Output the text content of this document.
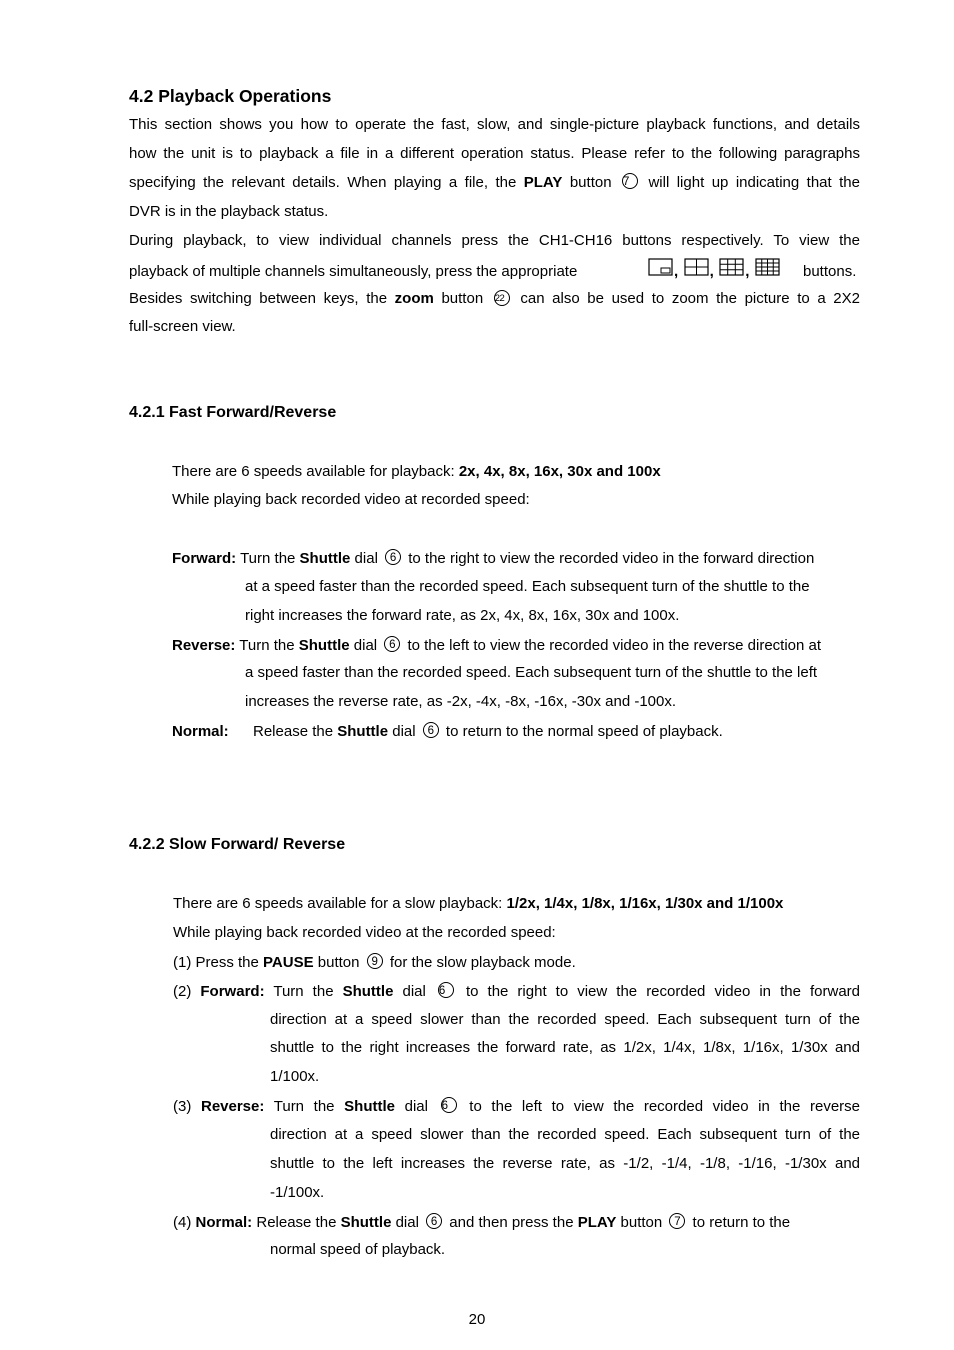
4.2 Playback Operations
This section shows you how to operate the fast, slow, and single-picture playback functions, and details
how the unit is to playback a file in a different operation status. Please refer to the following paragraphs
specifying the relevant details. When playing a file, the PLAY button 7 will light up indicating that the
DVR is in the playback status.
During playback, to view individual channels press the CH1-CH16 buttons respectively. To view the
playback of multiple channels simultaneously, press the appropriate	, , ,	buttons.
Besides switching between keys, the zoom button 22 can also be used to zoom the picture to a 2X2
full-screen view.
4.2.1 Fast Forward/Reverse
There are 6 speeds available for playback: 2x, 4x, 8x, 16x, 30x and 100x
While playing back recorded video at recorded speed:
Forward: Turn the Shuttle dial 6 to the right to view the recorded video in the forward direction
at a speed faster than the recorded speed. Each subsequent turn of the shuttle to the
right increases the forward rate, as 2x, 4x, 8x, 16x, 30x and 100x.
Reverse: Turn the Shuttle dial 6 to the left to view the recorded video in the reverse direction at
a speed faster than the recorded speed. Each subsequent turn of the shuttle to the left
increases the reverse rate, as -2x, -4x, -8x, -16x, -30x and -100x.
Normal: Release the Shuttle dial 6 to return to the normal speed of playback.
4.2.2 Slow Forward/ Reverse
There are 6 speeds available for a slow playback: 1/2x, 1/4x, 1/8x, 1/16x, 1/30x and 1/100x
While playing back recorded video at the recorded speed:
(1) Press the PAUSE button 9 for the slow playback mode.
(2) Forward: Turn the Shuttle dial 6 to the right to view the recorded video in the forward
direction at a speed slower than the recorded speed. Each subsequent turn of the
shuttle to the right increases the forward rate, as 1/2x, 1/4x, 1/8x, 1/16x, 1/30x and
1/100x.
(3) Reverse: Turn the Shuttle dial 6 to the left to view the recorded video in the reverse
direction at a speed slower than the recorded speed. Each subsequent turn of the
shuttle to the left increases the reverse rate, as -1/2, -1/4, -1/8, -1/16, -1/30x and
-1/100x.
(4) Normal: Release the Shuttle dial 6 and then press the PLAY button 7 to return to the
normal speed of playback.
20
